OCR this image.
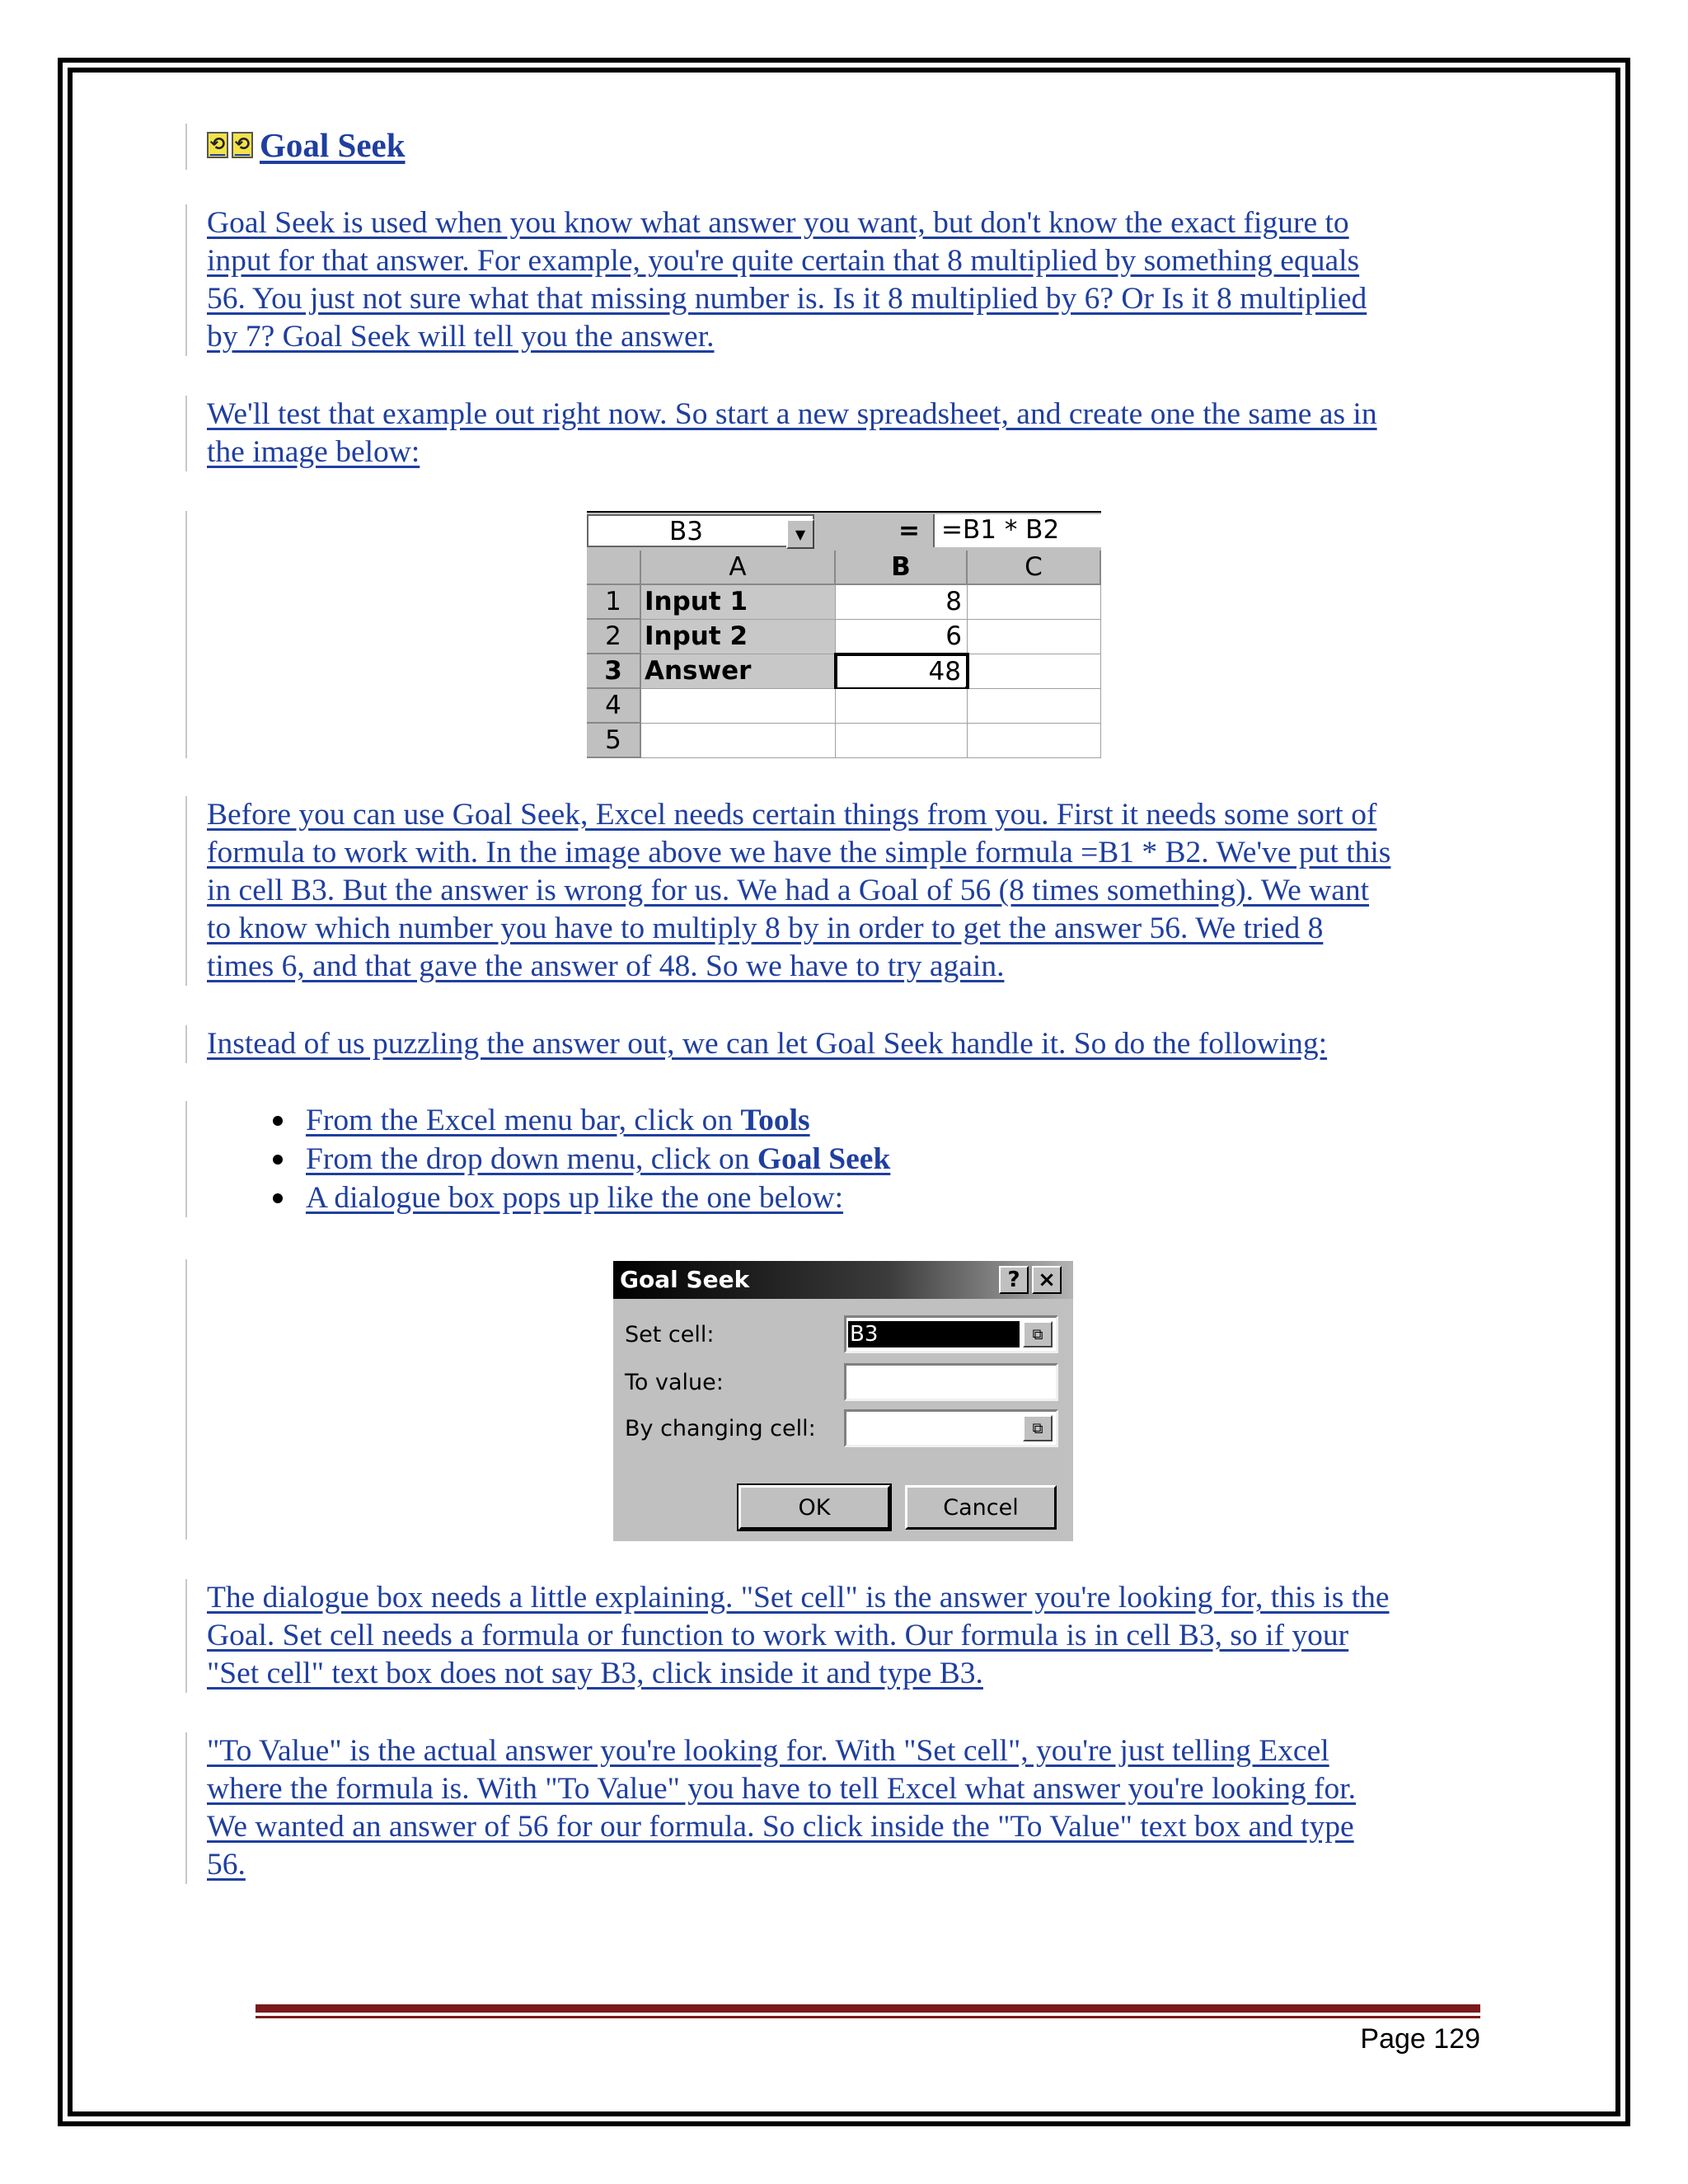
⟲ ⟲ Goal Seek

Goal Seek is used when you know what answer you want, but don't know the exact figure to

input for that answer. For example, you're quite certain that 8 multiplied by something equals

56. You just not sure what that missing number is. Is it 8 multiplied by 6? Or Is it 8 multiplied

by 7? Goal Seek will tell you the answer.

We'll test that example out right now. So start a new spreadsheet, and create one the same as in

the image below:

Before you can use Goal Seek, Excel needs certain things from you. First it needs some sort of

formula to work with. In the image above we have the simple formula =B1 * B2. We've put this

in cell B3. But the answer is wrong for us. We had a Goal of 56 (8 times something). We want

to know which number you have to multiply 8 by in order to get the answer 56. We tried 8

times 6, and that gave the answer of 48. So we have to try again.

Instead of us puzzling the answer out, we can let Goal Seek handle it. So do the following:

From the Excel menu bar, click on Tools
From the drop down menu, click on Goal Seek
A dialogue box pops up like the one below:

The dialogue box needs a little explaining. "Set cell" is the answer you're looking for, this is the

Goal. Set cell needs a formula or function to work with. Our formula is in cell B3, so if your

"Set cell" text box does not say B3, click inside it and type B3.

"To Value" is the actual answer you're looking for. With "Set cell", you're just telling Excel

where the formula is. With "To Value" you have to tell Excel what answer you're looking for.

We wanted an answer of 56 for our formula. So click inside the "To Value" text box and type

56.

B3	▼	= =B1 * B2
A	B	C
1 Input 1	8
2 Input 2	6
3 Answer	48
4
5
Goal Seek	? ×
Set cell:	B3	⧉
To value:
By changing cell:	⧉
OK	Cancel
Page 129
